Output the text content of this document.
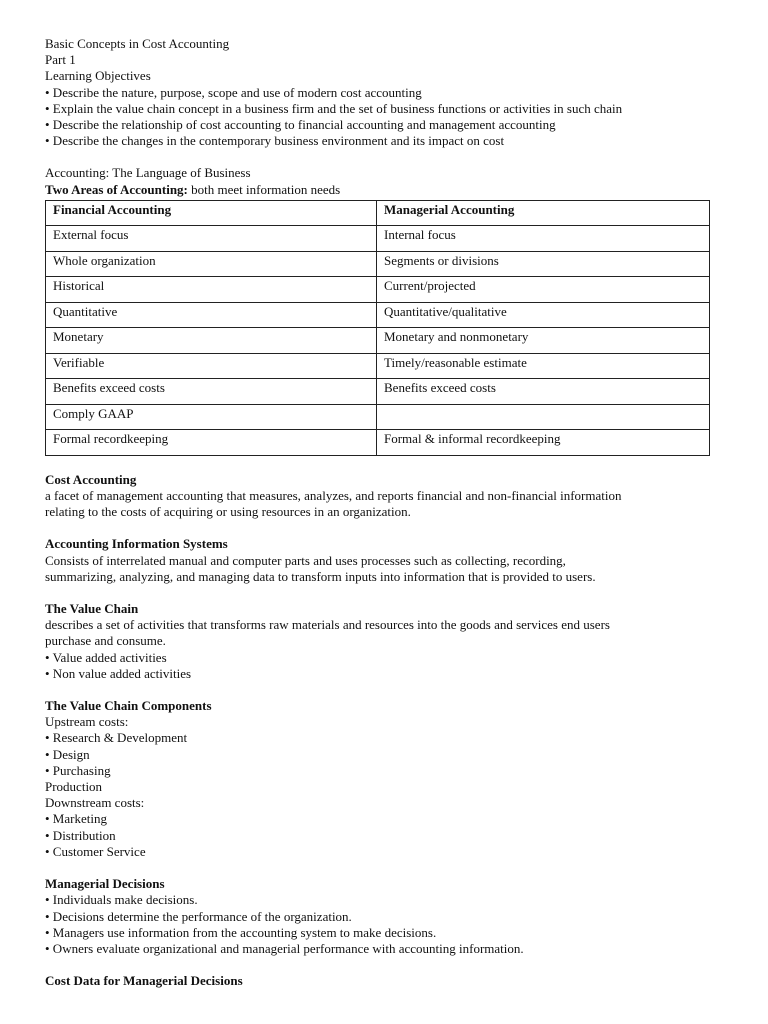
Basic Concepts in Cost Accounting

Part 1

Learning Objectives

• Describe the nature, purpose, scope and use of modern cost accounting

• Explain the value chain concept in a business firm and the set of business functions or activities in such chain

• Describe the relationship of cost accounting to financial accounting and management accounting

• Describe the changes in the contemporary business environment and its impact on cost

Accounting: The Language of Business

Two Areas of Accounting: both meet information needs

Financial Accounting	Managerial Accounting
External focus	Internal focus
Whole organization	Segments or divisions
Historical	Current/projected
Quantitative	Quantitative/qualitative
Monetary	Monetary and nonmonetary
Verifiable	Timely/reasonable estimate
Benefits exceed costs	Benefits exceed costs
Comply GAAP	
Formal recordkeeping	Formal & informal recordkeeping

Cost Accounting

a facet of management accounting that measures, analyzes, and reports financial and non-financial information

relating to the costs of acquiring or using resources in an organization.

Accounting Information Systems

Consists of interrelated manual and computer parts and uses processes such as collecting, recording,

summarizing, analyzing, and managing data to transform inputs into information that is provided to users.

The Value Chain

describes a set of activities that transforms raw materials and resources into the goods and services end users

purchase and consume.

• Value added activities

• Non value added activities

The Value Chain Components

Upstream costs:

• Research & Development

• Design

• Purchasing

Production

Downstream costs:

• Marketing

• Distribution

• Customer Service

Managerial Decisions

• Individuals make decisions.

• Decisions determine the performance of the organization.

• Managers use information from the accounting system to make decisions.

• Owners evaluate organizational and managerial performance with accounting information.

Cost Data for Managerial Decisions
